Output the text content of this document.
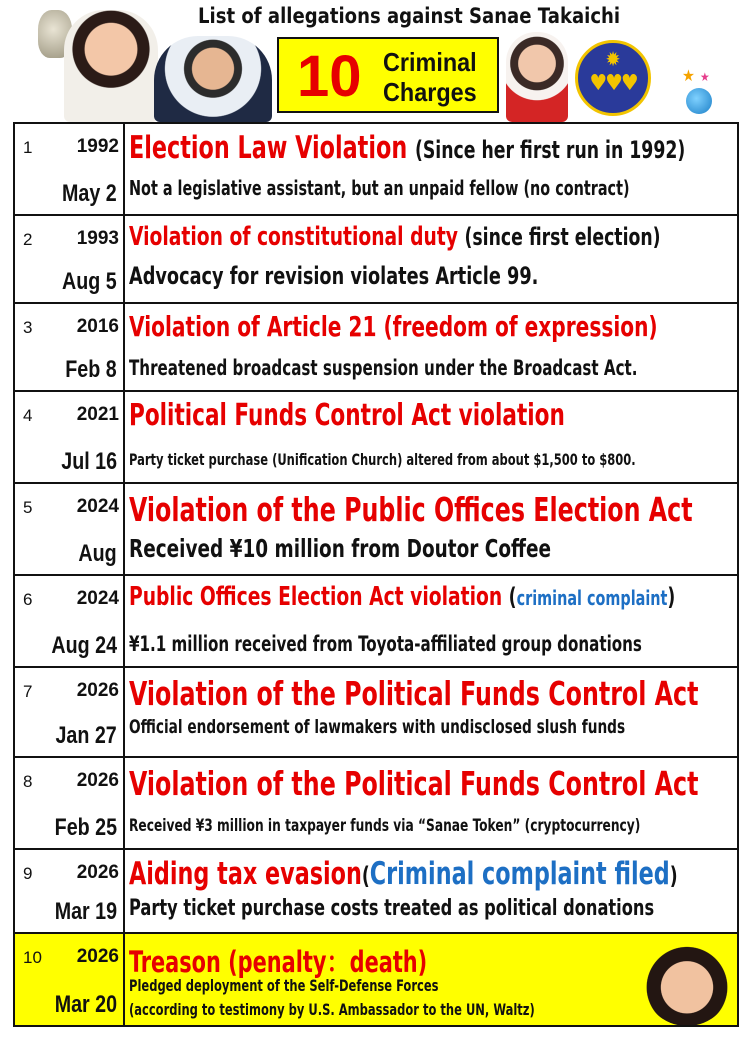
List of allegations against Sanae Takaichi
10 Criminal
Charges
✹
♥♥♥	★ ★
1 1992
May 2
Election Law Violation (Since her first run in 1992)
Not a legislative assistant, but an unpaid fellow (no contract)
2 1993
Aug 5
Violation of constitutional duty (since first election)
Advocacy for revision violates Article 99.
3 2016
Feb 8
Violation of Article 21 (freedom of expression)
Threatened broadcast suspension under the Broadcast Act.
4 2021
Jul 16
Political Funds Control Act violation
Party ticket purchase (Unification Church) altered from about $1,500 to $800.
5 2024
Aug
Violation of the Public Offices Election Act
Received ¥10 million from Doutor Coffee
6 2024
Aug 24
Public Offices Election Act violation (criminal complaint)
¥1.1 million received from Toyota-affiliated group donations
7 2026
Jan 27
Violation of the Political Funds Control Act
Official endorsement of lawmakers with undisclosed slush funds
8 2026
Feb 25
Violation of the Political Funds Control Act
Received ¥3 million in taxpayer funds via “Sanae Token” (cryptocurrency)
9 2026
Mar 19
Aiding tax evasion(Criminal complaint filed)
Party ticket purchase costs treated as political donations
10 2026
Mar 20
Treason (penalty：death)
Pledged deployment of the Self-Defense Forces
(according to testimony by U.S. Ambassador to the UN, Waltz)
